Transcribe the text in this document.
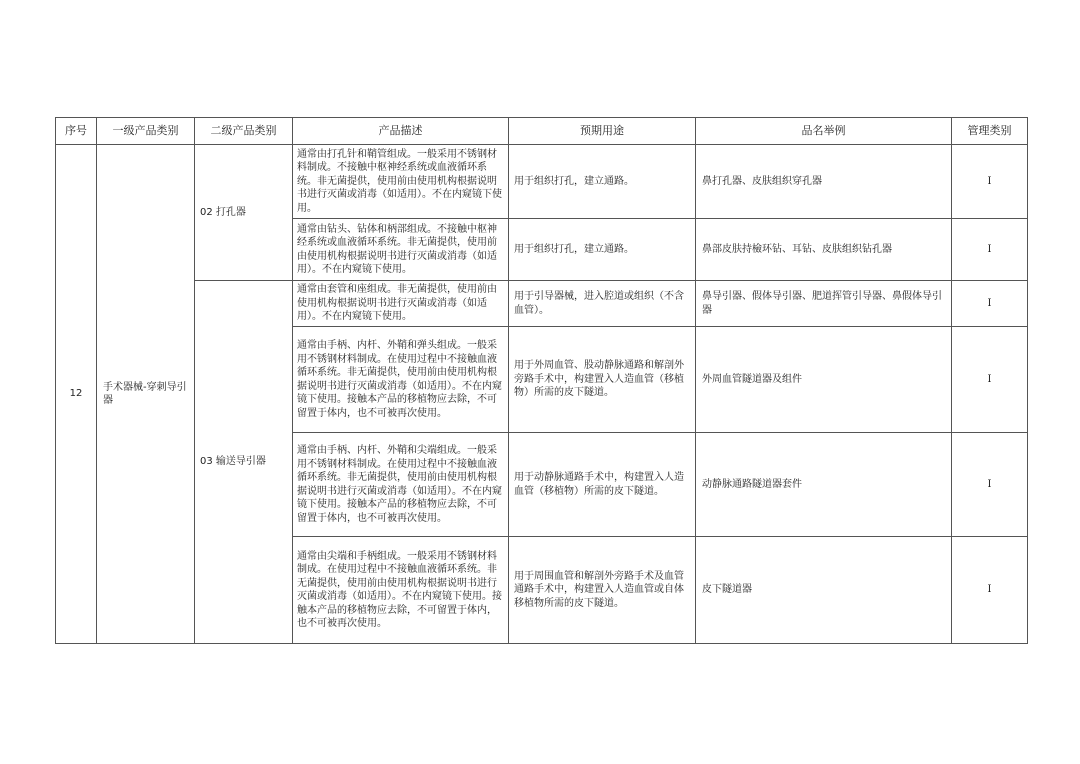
序号	一级产品类别	二级产品类别	产品描述	预期用途	品名举例	管理类别
12	手术器械-穿刺导引器	02 打孔器	通常由打孔针和鞘管组成。一般采用不锈钢材料制成。不接触中枢神经系统或血液循环系统。非无菌提供，使用前由使用机构根据说明书进行灭菌或消毒（如适用）。不在内窥镜下使用。	用于组织打孔，建立通路。	鼻打孔器、皮肤组织穿孔器	I
			通常由钻头、钻体和柄部组成。不接触中枢神经系统或血液循环系统。非无菌提供，使用前由使用机构根据说明书进行灭菌或消毒（如适用）。不在内窥镜下使用。	用于组织打孔，建立通路。	鼻部皮肤持檢环钻、耳钻、皮肤组织钻孔器	I
		03 输送导引器	通常由套管和座组成。非无菌提供，使用前由使用机构根据说明书进行灭菌或消毒（如适用）。不在内窥镜下使用。	用于引导器械，进入腔道或组织（不含血管）。	鼻导引器、假体导引器、肥道挥管引导器、鼻假体导引器	I
			通常由手柄、内杆、外鞘和弹头组成。一般采用不锈钢材料制成。在使用过程中不接触血液循环系统。非无菌提供，使用前由使用机构根据说明书进行灭菌或消毒（如适用）。不在内窥镜下使用。接触本产品的移植物应去除，不可留置于体内，也不可被再次使用。	用于外周血管、股动静脉通路和解剖外旁路手术中，构建置入人造血管（移植物）所需的皮下隧道。	外周血管隧道器及组件	I
			通常由手柄、内杆、外鞘和尖端组成。一般采用不锈钢材料制成。在使用过程中不接触血液循环系统。非无菌提供，使用前由使用机构根据说明书进行灭菌或消毒（如适用）。不在内窥镜下使用。接触本产品的移植物应去除，不可留置于体内，也不可被再次使用。	用于动静脉通路手术中，构建置入人造血管（移植物）所需的皮下隧道。	动静脉通路隧道器套件	I
			通常由尖端和手柄组成。一般采用不锈钢材料制成。在使用过程中不接触血液循环系统。非无菌提供，使用前由使用机构根据说明书进行灭菌或消毒（如适用）。不在内窥镜下使用。接触本产品的移植物应去除，不可留置于体内，也不可被再次使用。	用于周围血管和解剖外旁路手术及血管通路手术中，构建置入人造血管或自体移植物所需的皮下隧道。	皮下隧道器	I
